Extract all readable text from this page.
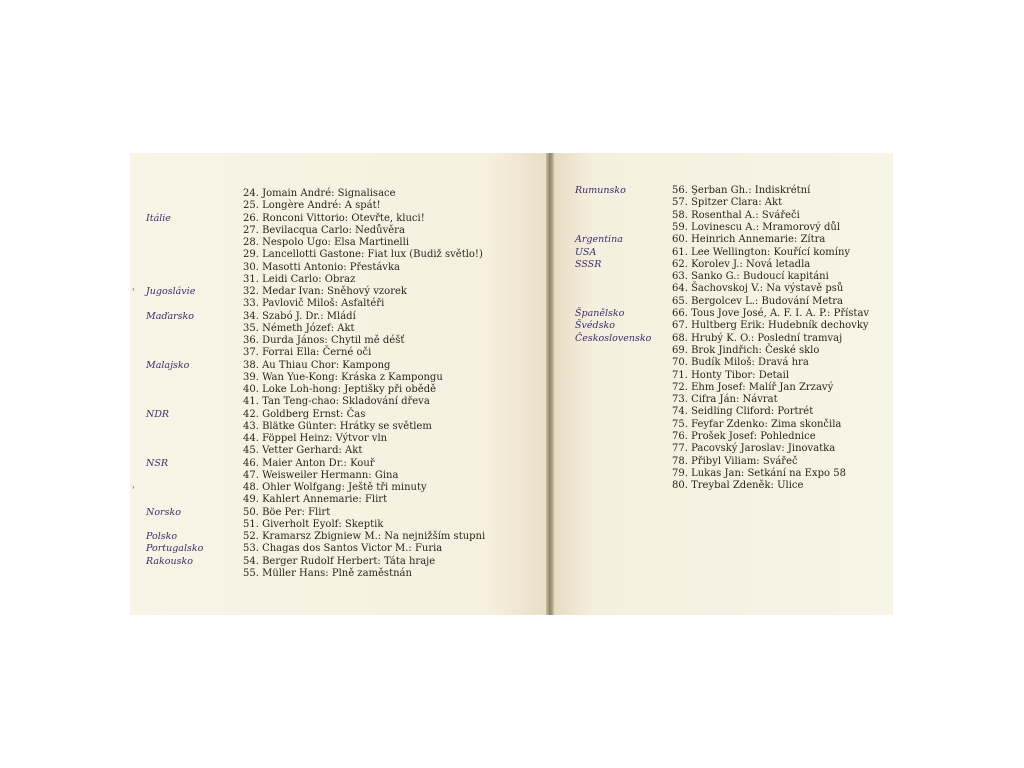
'
'
24. Jomain André: Signalisace
25. Longère André: A spát!
26. Ronconi Vittorio: Otevřte, kluci!
27. Bevilacqua Carlo: Nedůvěra
28. Nespolo Ugo: Elsa Martinelli
29. Lancellotti Gastone: Fiat lux (Budiž světlo!)
30. Masotti Antonio: Přestávka
31. Leidi Carlo: Obraz
32. Medar Ivan: Sněhový vzorek
33. Pavlovič Miloš: Asfaltéři
34. Szabó J. Dr.: Mládí
35. Németh Józef: Akt
36. Durda János: Chytil mě déšť
37. Forrai Ella: Černé oči
38. Au Thiau Chor: Kampong
39. Wan Yue-Kong: Kráska z Kampongu
40. Loke Loh-hong: Jeptišky při obědě
41. Tan Teng-chao: Skladování dřeva
42. Goldberg Ernst: Čas
43. Blätke Günter: Hrátky se světlem
44. Föppel Heinz: Výtvor vln
45. Vetter Gerhard: Akt
46. Maier Anton Dr.: Kouř
47. Weisweiler Hermann: Gina
48. Ohler Wolfgang: Ještě tři minuty
49. Kahlert Annemarie: Flirt
50. Böe Per: Flirt
51. Giverholt Eyolf: Skeptik
52. Kramarsz Zbigniew M.: Na nejnižším stupni
53. Chagas dos Santos Victor M.: Furia
54. Berger Rudolf Herbert: Táta hraje
55. Müller Hans: Plně zaměstnán
Itálie
Jugoslávie
Maďarsko
Malajsko
NDR
NSR
Norsko
Polsko
Portugalsko
Rakousko
56. Şerban Gh.: Indiskrétní
57. Spitzer Clara: Akt
58. Rosenthal A.: Svářeči
59. Lovinescu A.: Mramorový důl
60. Heinrich Annemarie: Zítra
61. Lee Wellington: Kouřící komíny
62. Korolev J.: Nová letadla
63. Sanko G.: Budoucí kapitáni
64. Šachovskoj V.: Na výstavě psů
65. Bergolcev L.: Budování Metra
66. Tous Jove José, A. F. I. A. P.: Přístav
67. Hultberg Erik: Hudebník dechovky
68. Hrubý K. O.: Poslední tramvaj
69. Brok Jindřich: České sklo
70. Budík Miloš: Dravá hra
71. Honty Tibor: Detail
72. Ehm Josef: Malíř Jan Zrzavý
73. Cifra Ján: Návrat
74. Seidling Cliford: Portrét
75. Feyfar Zdenko: Zima skončila
76. Prošek Josef: Pohlednice
77. Pacovský Jaroslav: Jinovatka
78. Přibyl Viliam: Svářeč
79. Lukas Jan: Setkání na Expo 58
80. Treybal Zdeněk: Ulice
Rumunsko
Argentina
USA
SSSR
Španělsko
Švédsko
Československo
